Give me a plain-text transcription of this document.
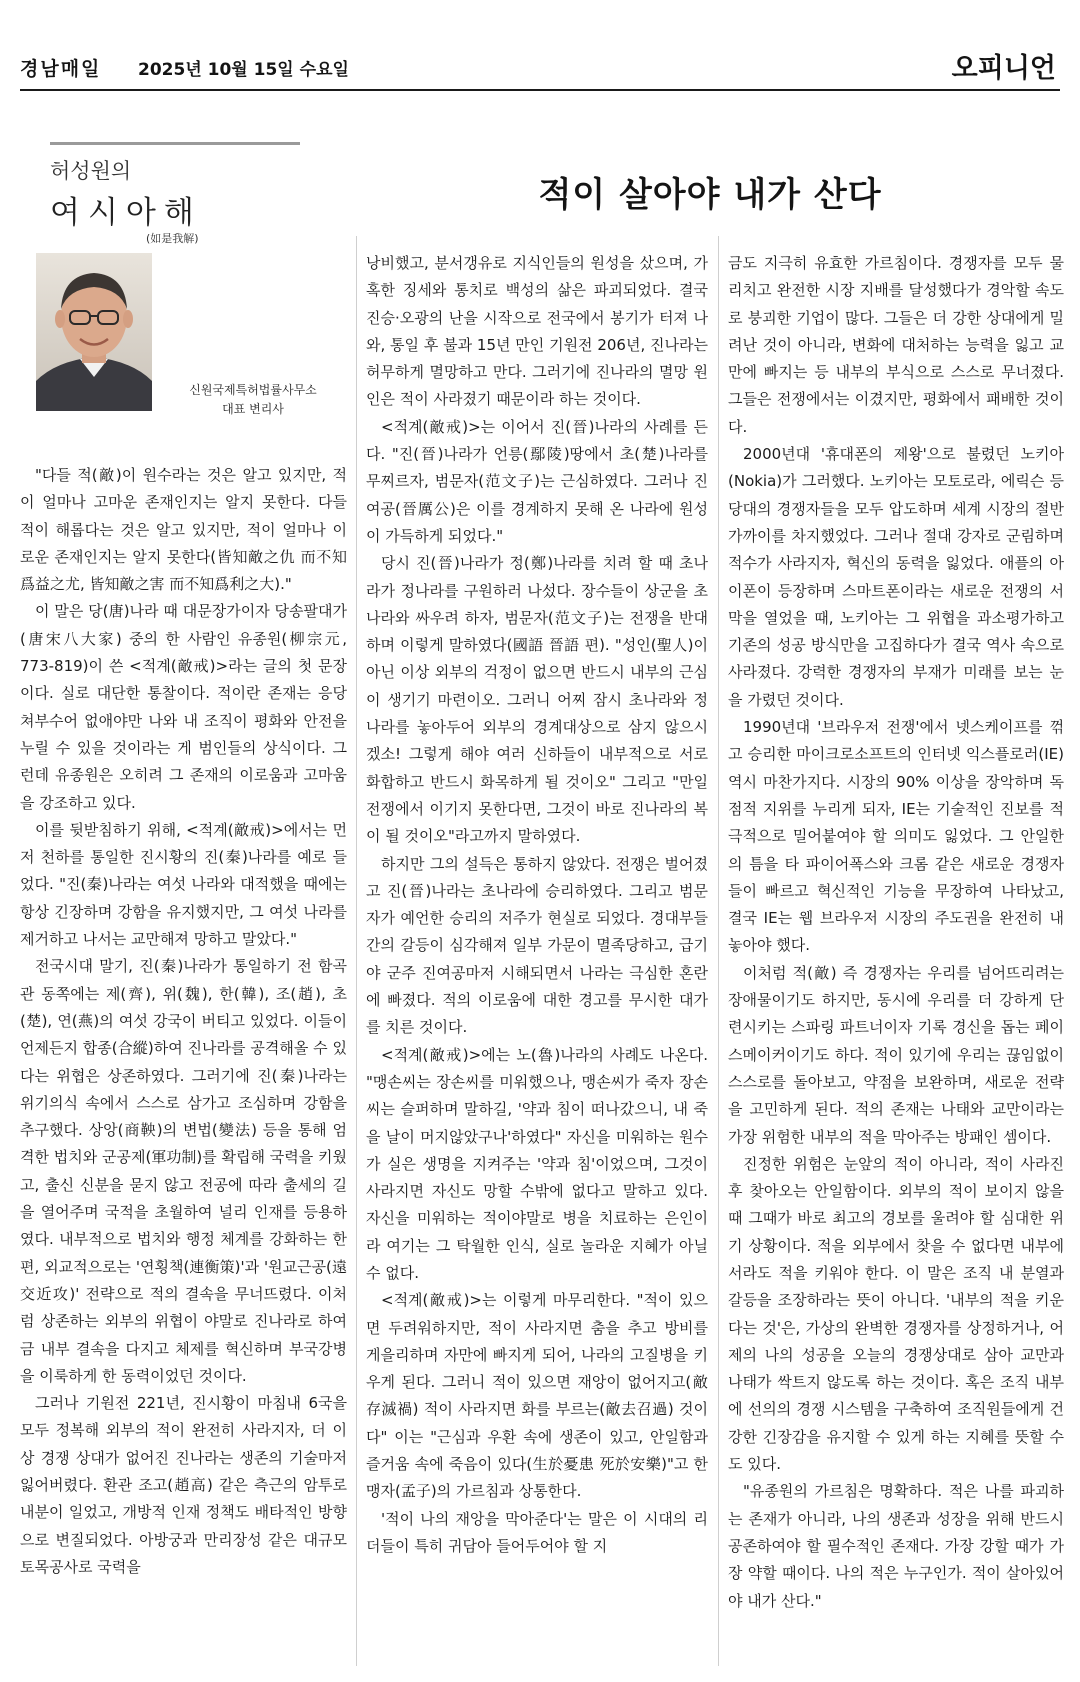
경남매일 2025년 10월 15일 수요일	오피니언
허성원의
여시아해
(如是我解)
신원국제특허법률사무소
대표 변리사
적이 살아야 내가 산다

"다들 적(敵)이 원수라는 것은 알고 있지만, 적이 얼마나 고마운 존재인지는 알지 못한다. 다들 적이 해롭다는 것은 알고 있지만, 적이 얼마나 이로운 존재인지는 알지 못한다(皆知敵之仇 而不知爲益之尤, 皆知敵之害 而不知爲利之大)."

이 말은 당(唐)나라 때 대문장가이자 당송팔대가(唐宋八大家) 중의 한 사람인 유종원(柳宗元, 773-819)이 쓴 <적계(敵戒)>라는 글의 첫 문장이다. 실로 대단한 통찰이다. 적이란 존재는 응당 쳐부수어 없애야만 나와 내 조직이 평화와 안전을 누릴 수 있을 것이라는 게 범인들의 상식이다. 그런데 유종원은 오히려 그 존재의 이로움과 고마움을 강조하고 있다.

이를 뒷받침하기 위해, <적계(敵戒)>에서는 먼저 천하를 통일한 진시황의 진(秦)나라를 예로 들었다. "진(秦)나라는 여섯 나라와 대적했을 때에는 항상 긴장하며 강함을 유지했지만, 그 여섯 나라를 제거하고 나서는 교만해져 망하고 말았다."

전국시대 말기, 진(秦)나라가 통일하기 전 함곡관 동쪽에는 제(齊), 위(魏), 한(韓), 조(趙), 초(楚), 연(燕)의 여섯 강국이 버티고 있었다. 이들이 언제든지 합종(合縱)하여 진나라를 공격해올 수 있다는 위협은 상존하였다. 그러기에 진(秦)나라는 위기의식 속에서 스스로 삼가고 조심하며 강함을 추구했다. 상앙(商鞅)의 변법(變法) 등을 통해 엄격한 법치와 군공제(軍功制)를 확립해 국력을 키웠고, 출신 신분을 묻지 않고 전공에 따라 출세의 길을 열어주며 국적을 초월하여 널리 인재를 등용하였다. 내부적으로 법치와 행정 체계를 강화하는 한편, 외교적으로는 '연횡책(連衡策)'과 '원교근공(遠交近攻)' 전략으로 적의 결속을 무너뜨렸다. 이처럼 상존하는 외부의 위협이 야말로 진나라로 하여금 내부 결속을 다지고 체제를 혁신하며 부국강병을 이룩하게 한 동력이었던 것이다.

그러나 기원전 221년, 진시황이 마침내 6국을 모두 정복해 외부의 적이 완전히 사라지자, 더 이상 경쟁 상대가 없어진 진나라는 생존의 기술마저 잃어버렸다. 환관 조고(趙高) 같은 측근의 암투로 내분이 일었고, 개방적 인재 정책도 배타적인 방향으로 변질되었다. 아방궁과 만리장성 같은 대규모 토목공사로 국력을

낭비했고, 분서갱유로 지식인들의 원성을 샀으며, 가혹한 징세와 통치로 백성의 삶은 파괴되었다. 결국 진승·오광의 난을 시작으로 전국에서 봉기가 터져 나와, 통일 후 불과 15년 만인 기원전 206년, 진나라는 허무하게 멸망하고 만다. 그러기에 진나라의 멸망 원인은 적이 사라졌기 때문이라 하는 것이다.

<적계(敵戒)>는 이어서 진(晉)나라의 사례를 든다. "진(晉)나라가 언릉(鄢陵)땅에서 초(楚)나라를 무찌르자, 범문자(范文子)는 근심하였다. 그러나 진여공(晉厲公)은 이를 경계하지 못해 온 나라에 원성이 가득하게 되었다."

당시 진(晉)나라가 정(鄭)나라를 치려 할 때 초나라가 정나라를 구원하러 나섰다. 장수들이 상군을 초나라와 싸우려 하자, 범문자(范文子)는 전쟁을 반대하며 이렇게 말하였다(國語 晉語 편). "성인(聖人)이 아닌 이상 외부의 걱정이 없으면 반드시 내부의 근심이 생기기 마련이오. 그러니 어찌 잠시 초나라와 정나라를 놓아두어 외부의 경계대상으로 삼지 않으시겠소! 그렇게 해야 여러 신하들이 내부적으로 서로 화합하고 반드시 화목하게 될 것이오" 그리고 "만일 전쟁에서 이기지 못한다면, 그것이 바로 진나라의 복이 될 것이오"라고까지 말하였다.

하지만 그의 설득은 통하지 않았다. 전쟁은 벌어졌고 진(晉)나라는 초나라에 승리하였다. 그리고 범문자가 예언한 승리의 저주가 현실로 되었다. 경대부들 간의 갈등이 심각해져 일부 가문이 멸족당하고, 급기야 군주 진여공마저 시해되면서 나라는 극심한 혼란에 빠졌다. 적의 이로움에 대한 경고를 무시한 대가를 치른 것이다.

<적계(敵戒)>에는 노(魯)나라의 사례도 나온다. "맹손씨는 장손씨를 미워했으나, 맹손씨가 죽자 장손씨는 슬퍼하며 말하길, '약과 침이 떠나갔으니, 내 죽을 날이 머지않았구나'하였다" 자신을 미워하는 원수가 실은 생명을 지켜주는 '약과 침'이었으며, 그것이 사라지면 자신도 망할 수밖에 없다고 말하고 있다. 자신을 미워하는 적이야말로 병을 치료하는 은인이라 여기는 그 탁월한 인식, 실로 놀라운 지혜가 아닐 수 없다.

<적계(敵戒)>는 이렇게 마무리한다. "적이 있으면 두려워하지만, 적이 사라지면 춤을 추고 방비를 게을리하며 자만에 빠지게 되어, 나라의 고질병을 키우게 된다. 그러니 적이 있으면 재앙이 없어지고(敵存滅禍) 적이 사라지면 화를 부르는(敵去召過) 것이다" 이는 "근심과 우환 속에 생존이 있고, 안일함과 즐거움 속에 죽음이 있다(生於憂患 死於安樂)"고 한 맹자(孟子)의 가르침과 상통한다.

'적이 나의 재앙을 막아준다'는 말은 이 시대의 리더들이 특히 귀담아 들어두어야 할 지

금도 지극히 유효한 가르침이다. 경쟁자를 모두 물리치고 완전한 시장 지배를 달성했다가 경악할 속도로 붕괴한 기업이 많다. 그들은 더 강한 상대에게 밀려난 것이 아니라, 변화에 대처하는 능력을 잃고 교만에 빠지는 등 내부의 부식으로 스스로 무너졌다. 그들은 전쟁에서는 이겼지만, 평화에서 패배한 것이다.

2000년대 '휴대폰의 제왕'으로 불렸던 노키아(Nokia)가 그러했다. 노키아는 모토로라, 에릭슨 등 당대의 경쟁자들을 모두 압도하며 세계 시장의 절반 가까이를 차지했었다. 그러나 절대 강자로 군림하며 적수가 사라지자, 혁신의 동력을 잃었다. 애플의 아이폰이 등장하며 스마트폰이라는 새로운 전쟁의 서막을 열었을 때, 노키아는 그 위협을 과소평가하고 기존의 성공 방식만을 고집하다가 결국 역사 속으로 사라졌다. 강력한 경쟁자의 부재가 미래를 보는 눈을 가렸던 것이다.

1990년대 '브라우저 전쟁'에서 넷스케이프를 꺾고 승리한 마이크로소프트의 인터넷 익스플로러(IE) 역시 마찬가지다. 시장의 90% 이상을 장악하며 독점적 지위를 누리게 되자, IE는 기술적인 진보를 적극적으로 밀어붙여야 할 의미도 잃었다. 그 안일한의 틈을 타 파이어폭스와 크롬 같은 새로운 경쟁자들이 빠르고 혁신적인 기능을 무장하여 나타났고, 결국 IE는 웹 브라우저 시장의 주도권을 완전히 내놓아야 했다.

이처럼 적(敵) 즉 경쟁자는 우리를 넘어뜨리려는 장애물이기도 하지만, 동시에 우리를 더 강하게 단련시키는 스파링 파트너이자 기록 경신을 돕는 페이스메이커이기도 하다. 적이 있기에 우리는 끊임없이 스스로를 돌아보고, 약점을 보완하며, 새로운 전략을 고민하게 된다. 적의 존재는 나태와 교만이라는 가장 위험한 내부의 적을 막아주는 방패인 셈이다.

진정한 위험은 눈앞의 적이 아니라, 적이 사라진 후 찾아오는 안일함이다. 외부의 적이 보이지 않을 때 그때가 바로 최고의 경보를 울려야 할 심대한 위기 상황이다. 적을 외부에서 찾을 수 없다면 내부에서라도 적을 키워야 한다. 이 말은 조직 내 분열과 갈등을 조장하라는 뜻이 아니다. '내부의 적을 키운다는 것'은, 가상의 완벽한 경쟁자를 상정하거나, 어제의 나의 성공을 오늘의 경쟁상대로 삼아 교만과 나태가 싹트지 않도록 하는 것이다. 혹은 조직 내부에 선의의 경쟁 시스템을 구축하여 조직원들에게 건강한 긴장감을 유지할 수 있게 하는 지혜를 뜻할 수도 있다.

"유종원의 가르침은 명확하다. 적은 나를 파괴하는 존재가 아니라, 나의 생존과 성장을 위해 반드시 공존하여야 할 필수적인 존재다. 가장 강할 때가 가장 약할 때이다. 나의 적은 누구인가. 적이 살아있어야 내가 산다."
